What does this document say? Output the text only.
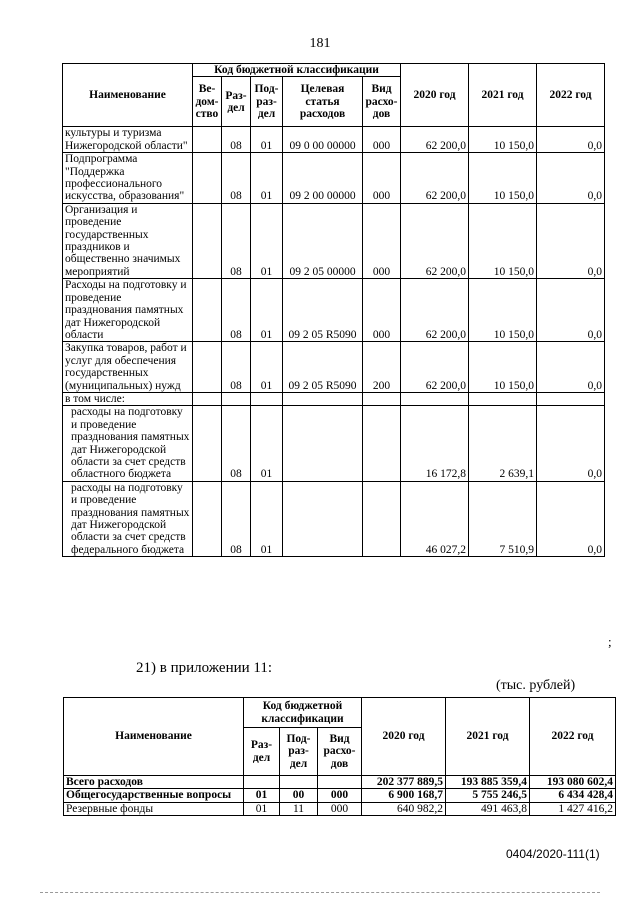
181
Наименование	Код бюджетной классификации					2020 год	2021 год	2022 год
	Ве-дом-ство	Раз-дел	Под-раз-дел	Целевая статья расходов	Вид расхо-дов			
культуры и туризма Нижегородской области"		08	01	09 0 00 00000	000	62 200,0	10 150,0	0,0
Подпрограмма "Поддержка профессионального искусства, образования"		08	01	09 2 00 00000	000	62 200,0	10 150,0	0,0
Организация и проведение государственных праздников и общественно значимых мероприятий		08	01	09 2 05 00000	000	62 200,0	10 150,0	0,0
Расходы на подготовку и проведение празднования памятных дат Нижегородской области		08	01	09 2 05 R5090	000	62 200,0	10 150,0	0,0
Закупка товаров, работ и услуг для обеспечения государственных (муниципальных) нужд		08	01	09 2 05 R5090	200	62 200,0	10 150,0	0,0
в том числе:								
расходы на подготовку и проведение празднования памятных дат Нижегородской области за счет средств областного бюджета		08	01			16 172,8	2 639,1	0,0
расходы на подготовку и проведение празднования памятных дат Нижегородской области за счет средств федерального бюджета		08	01			46 027,2	7 510,9	0,0
;
21) в приложении 11:
(тыс. рублей)
Наименование	Код бюджетной классификации			2020 год	2021 год	2022 год
	Раз-дел	Под-раз-дел	Вид расхо-дов			
Всего расходов				202 377 889,5	193 885 359,4	193 080 602,4
Общегосударственные вопросы	01	00	000	6 900 168,7	5 755 246,5	6 434 428,4
Резервные фонды	01	11	000	640 982,2	491 463,8	1 427 416,2
0404/2020-111(1)
